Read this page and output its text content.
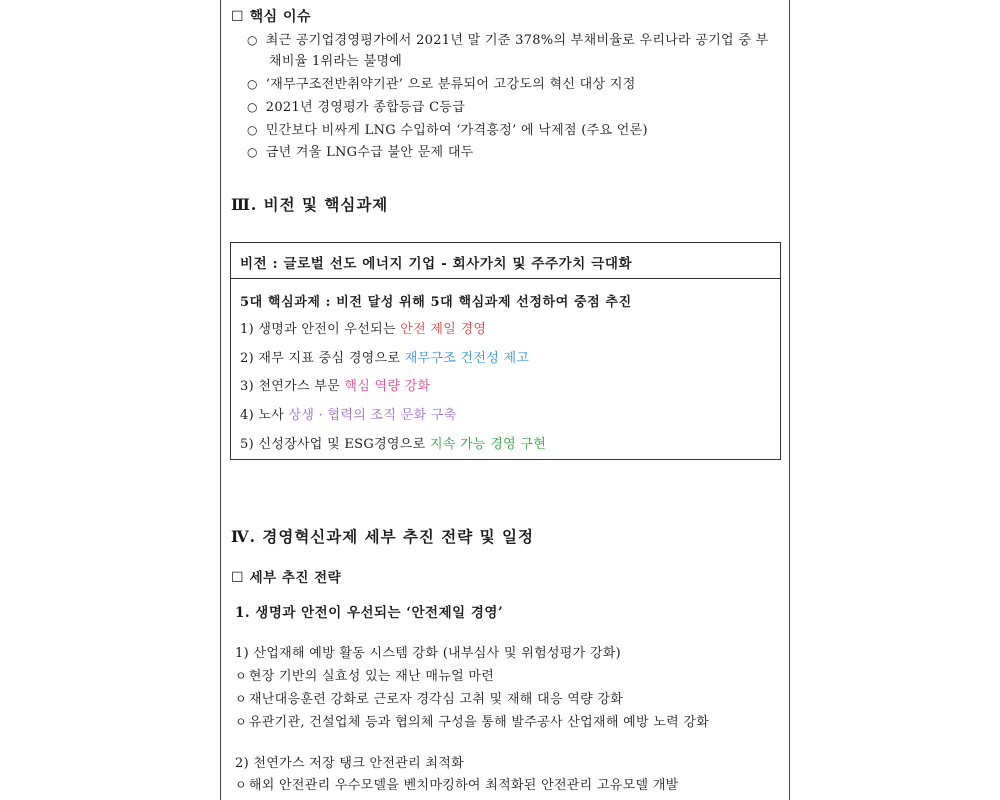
☐ 핵심 이슈
○ 최근 공기업경영평가에서 2021년 말 기준 378%의 부채비율로 우리나라 공기업 중 부
채비율 1위라는 불명예
○ ‘재무구조전반취약기관’ 으로 분류되어 고강도의 혁신 대상 지정
○ 2021년 경영평가 종합등급 C등급
○ 민간보다 비싸게 LNG 수입하여 ‘가격흥정’ 에 낙제점 (주요 언론)
○ 금년 겨울 LNG수급 불안 문제 대두
Ⅲ. 비전 및 핵심과제
비전 : 글로벌 선도 에너지 기업 - 회사가치 및 주주가치 극대화
5대 핵심과제 : 비전 달성 위해 5대 핵심과제 선정하여 중점 추진
1) 생명과 안전이 우선되는 안전 제일 경영
2) 재무 지표 중심 경영으로 재무구조 건전성 제고
3) 천연가스 부문 핵심 역량 강화
4) 노사 상생 · 협력의 조직 문화 구축
5) 신성장사업 및 ESG경영으로 지속 가능 경영 구현
Ⅳ. 경영혁신과제 세부 추진 전략 및 일정
☐ 세부 추진 전략
1. 생명과 안전이 우선되는 ‘안전제일 경영’
1) 산업재해 예방 활동 시스템 강화 (내부심사 및 위험성평가 강화)
ㅇ 현장 기반의 실효성 있는 재난 매뉴얼 마련
ㅇ 재난대응훈련 강화로 근로자 경각심 고취 및 재해 대응 역량 강화
ㅇ 유관기관, 건설업체 등과 협의체 구성을 통해 발주공사 산업재해 예방 노력 강화
2) 천연가스 저장 탱크 안전관리 최적화
ㅇ 해외 안전관리 우수모델을 벤치마킹하여 최적화된 안전관리 고유모델 개발
